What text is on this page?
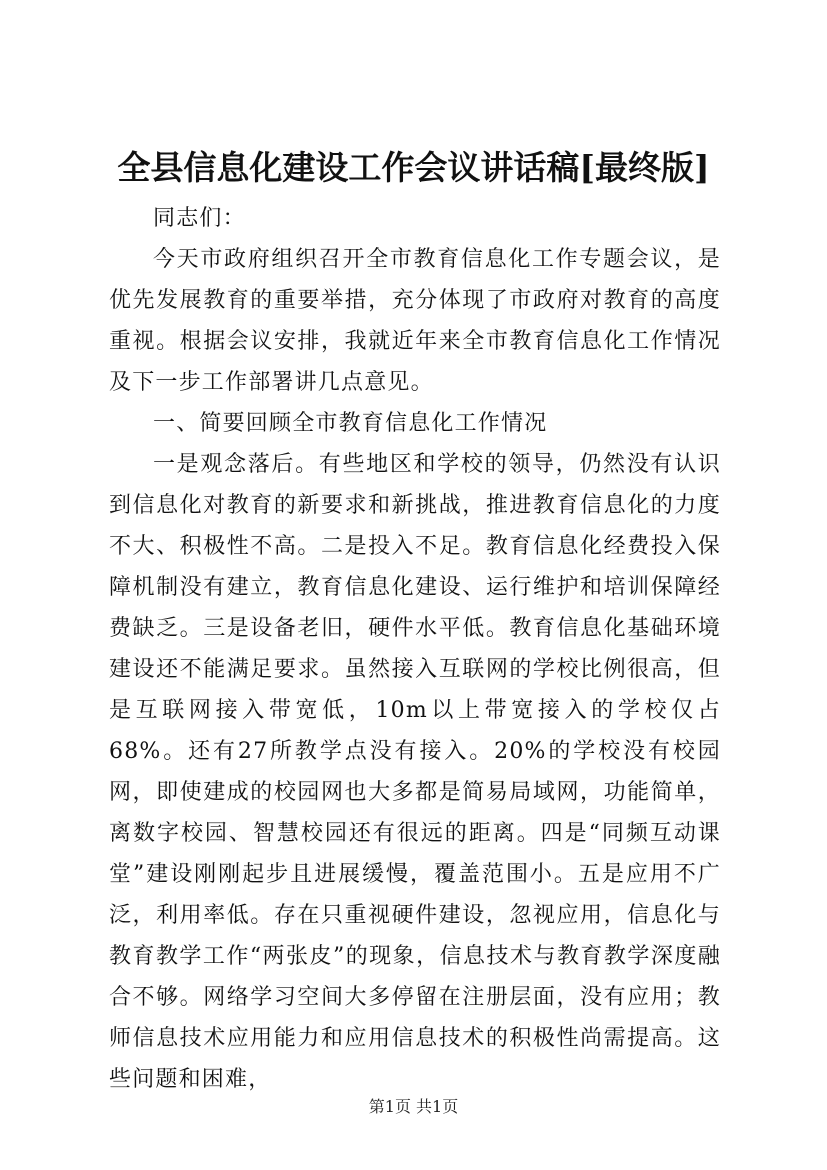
全县信息化建设工作会议讲话稿[最终版]

同志们：

今天市政府组织召开全市教育信息化工作专题会议，是优先发展教育的重要举措，充分体现了市政府对教育的高度重视。根据会议安排，我就近年来全市教育信息化工作情况及下一步工作部署讲几点意见。

一、简要回顾全市教育信息化工作情况

一是观念落后。有些地区和学校的领导，仍然没有认识到信息化对教育的新要求和新挑战，推进教育信息化的力度不大、积极性不高。二是投入不足。教育信息化经费投入保障机制没有建立，教育信息化建设、运行维护和培训保障经费缺乏。三是设备老旧，硬件水平低。教育信息化基础环境建设还不能满足要求。虽然接入互联网的学校比例很高，但是互联网接入带宽低，10m以上带宽接入的学校仅占68%。还有27所教学点没有接入。20%的学校没有校园网，即使建成的校园网也大多都是简易局域网，功能简单，离数字校园、智慧校园还有很远的距离。四是“同频互动课堂”建设刚刚起步且进展缓慢，覆盖范围小。五是应用不广泛，利用率低。存在只重视硬件建设，忽视应用，信息化与教育教学工作“两张皮”的现象，信息技术与教育教学深度融合不够。网络学习空间大多停留在注册层面，没有应用；教师信息技术应用能力和应用信息技术的积极性尚需提高。这些问题和困难，

第1页 共1页
